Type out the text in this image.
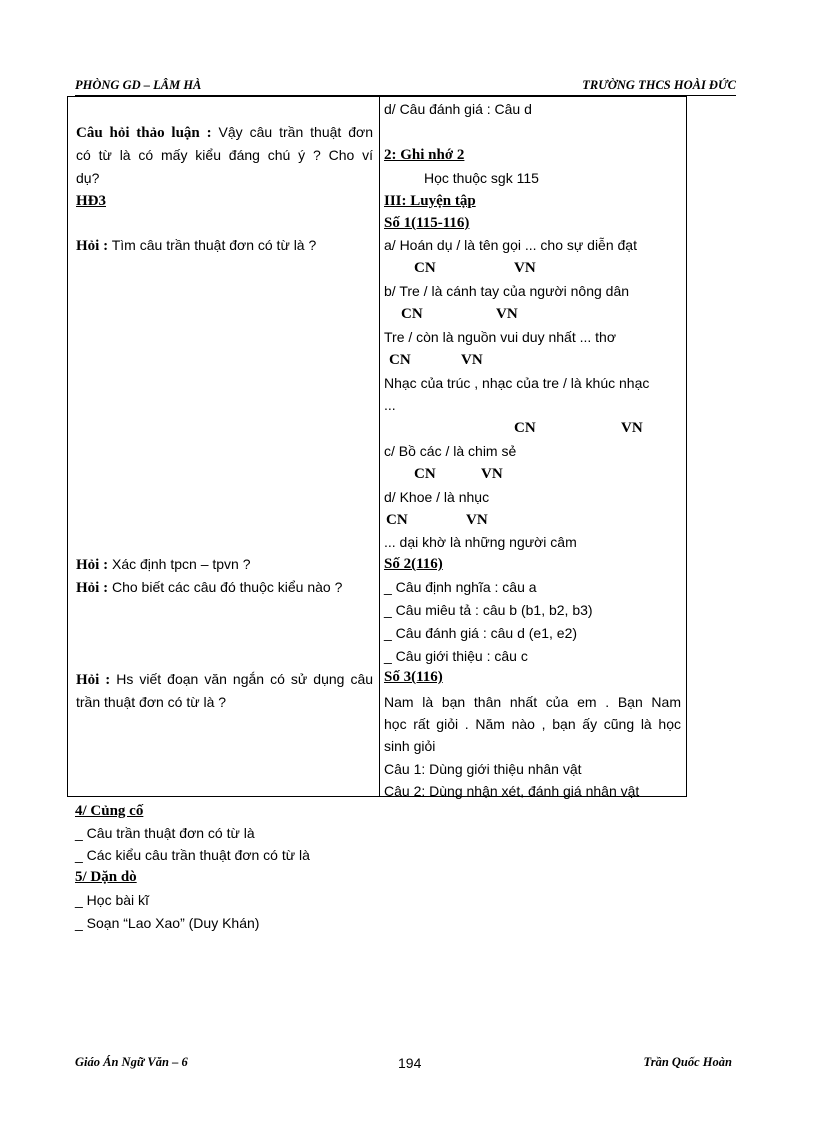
PHÒNG GD – LÂM HÀ	TRƯỜNG THCS HOÀI ĐỨC
Câu hỏi thảo luận : Vậy câu trần thuật đơn
có từ là có mấy kiểu đáng chú ý ? Cho ví
dụ?
HĐ3
Hỏi : Tìm câu trần thuật đơn có từ là ?
Hỏi : Xác định tpcn – tpvn ?
Hỏi : Cho biết các câu đó thuộc kiểu nào ?
Hỏi : Hs viết đoạn văn ngắn có sử dụng câu
trần thuật đơn có từ là ?
d/ Câu đánh giá : Câu d
2: Ghi nhớ 2
Học thuộc sgk 115
III: Luyện tập
Số 1(115-116)
a/ Hoán dụ / là tên gọi ... cho sự diễn đạt
CN	VN
b/ Tre / là cánh tay của người nông dân
CN	VN
Tre / còn là nguồn vui duy nhất ... thơ
CN	VN
Nhạc của trúc , nhạc của tre / là khúc nhạc
...
CN	VN
c/ Bồ các / là chim sẻ
CN	VN
d/ Khoe / là nhục
CN	VN
... dại khờ là những người câm
Số 2(116)
_ Câu định nghĩa : câu a
_ Câu miêu tả : câu b (b1, b2, b3)
_ Câu đánh giá : câu d (e1, e2)
_ Câu giới thiệu : câu c
Số 3(116)
Nam là bạn thân nhất của em . Bạn Nam
học rất giỏi . Năm nào , bạn ấy cũng là học
sinh giỏi
Câu 1: Dùng giới thiệu nhân vật
Câu 2: Dùng nhận xét, đánh giá nhân vật
4/ Củng cố
_ Câu trần thuật đơn có từ là
_ Các kiểu câu trần thuật đơn có từ là
5/ Dặn dò
_ Học bài kĩ
_ Soạn “Lao Xao” (Duy Khán)
Giáo Án Ngữ Văn – 6	194	Trần Quốc Hoàn
